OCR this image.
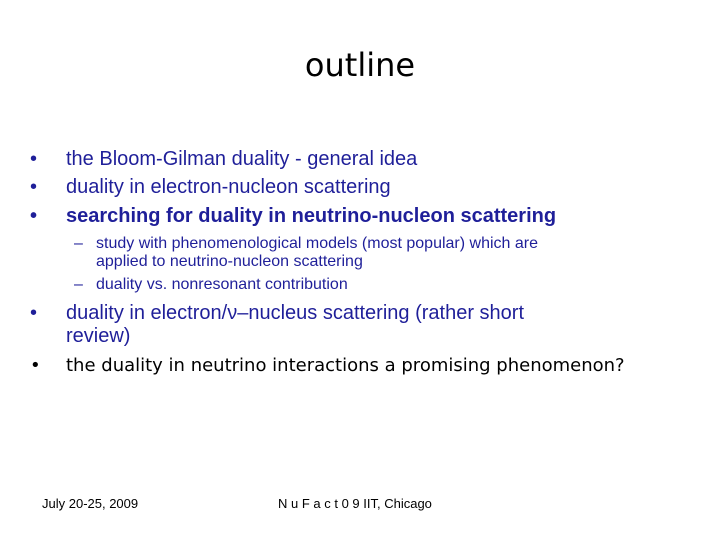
outline
• the Bloom-Gilman duality - general idea
• duality in electron-nucleon scattering
• searching for duality in neutrino-nucleon scattering
– study with phenomenological models (most popular) which are
applied to neutrino-nucleon scattering
– duality vs. nonresonant contribution
• duality in electron/ν–nucleus scattering (rather short
review)
• the duality in neutrino interactions a promising phenomenon?
July 20-25, 2009	N u F a c t 0 9 IIT, Chicago
